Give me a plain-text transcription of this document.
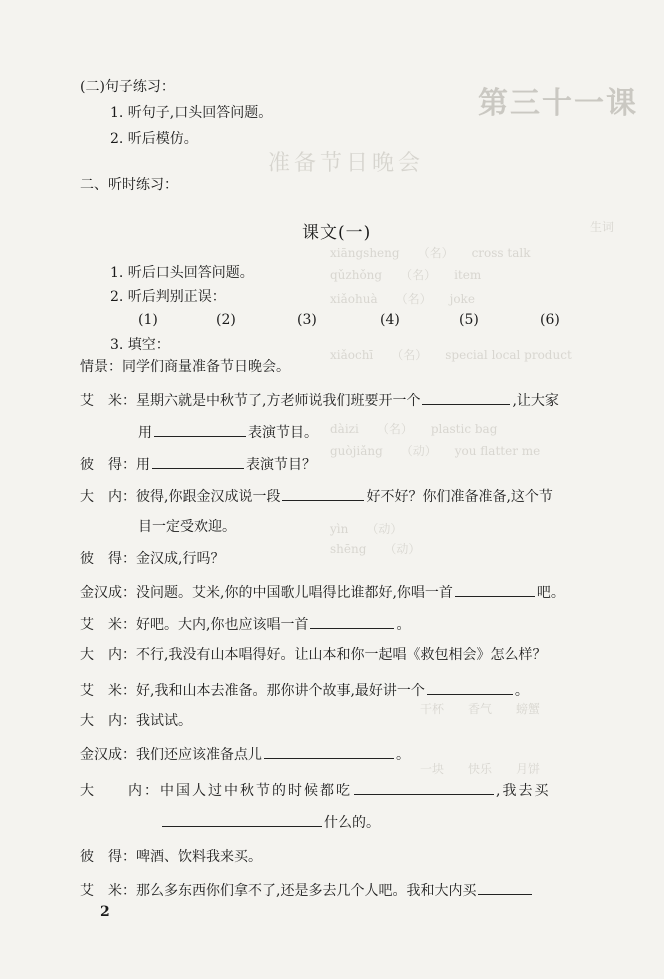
第三十一课
准备节日晚会
生词
xiāngsheng　　（名）　　cross talk
qǔzhǒng　　（名）　　item
xiǎohuà　　（名）　　joke
xiǎochī　　（名）　　special local product
dàizi　　（名）　　plastic bag
guòjiǎng　　（动）　　you flatter me
yìn　　（动）
shēng　　（动）
干杯　　香气　　螃蟹
一块　　快乐　　月饼
(二)句子练习：
1. 听句子,口头回答问题。
2. 听后模仿。
二、听时练习：
课文(一)
1. 听后口头回答问题。
2. 听后判别正误：
(1)	(2)	(3)	(4)	(5)	(6)
3. 填空：
情景：同学们商量准备节日晚会。
艾　米：星期六就是中秋节了,方老师说我们班要开一个	,让大家
用	表演节目。
彼　得：用	表演节目？
大　内：彼得,你跟金汉成说一段	好不好？你们准备准备,这个节
目一定受欢迎。
彼　得：金汉成,行吗？
金汉成：没问题。艾米,你的中国歌儿唱得比谁都好,你唱一首	吧。
艾　米：好吧。大内,你也应该唱一首	。
大　内：不行,我没有山本唱得好。让山本和你一起唱《救包相会》怎么样？
艾　米：好,我和山本去准备。那你讲个故事,最好讲一个	。
大　内：我试试。
金汉成：我们还应该准备点儿	。
大　　内：中国人过中秋节的时候都吃	,我去买
什么的。
彼　得：啤酒、饮料我来买。
艾　米：那么多东西你们拿不了,还是多去几个人吧。我和大内买
2
